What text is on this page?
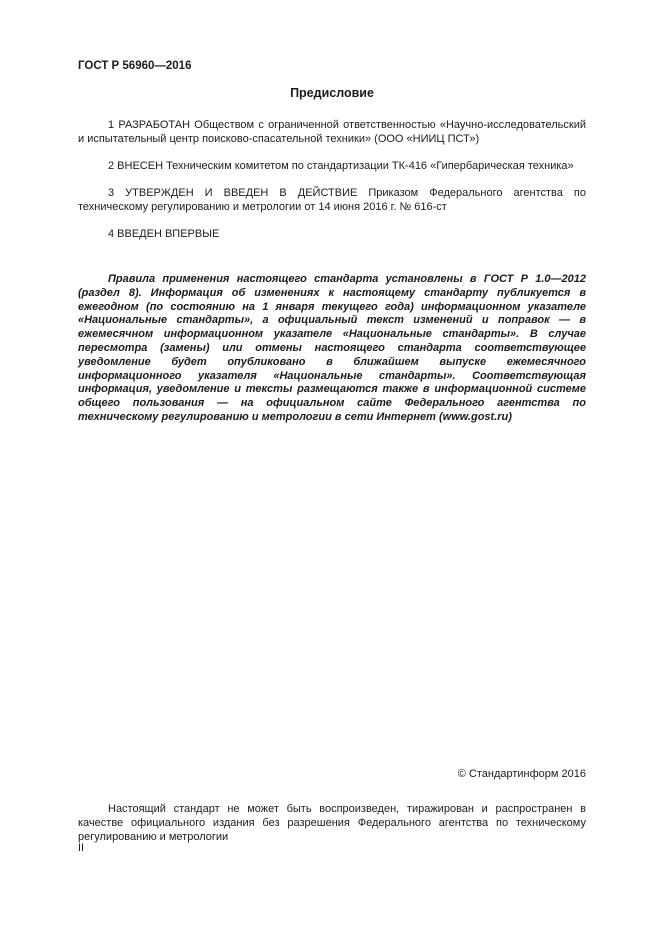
ГОСТ Р 56960—2016
Предисловие

1 РАЗРАБОТАН Обществом с ограниченной ответственностью «Научно-исследовательский и испытательный центр поисково-спасательной техники» (ООО «НИИЦ ПСТ»)

2 ВНЕСЕН Техническим комитетом по стандартизации ТК-416 «Гипербарическая техника»

3 УТВЕРЖДЕН И ВВЕДЕН В ДЕЙСТВИЕ Приказом Федерального агентства по техническому регулированию и метрологии от 14 июня 2016 г. № 616-ст

4 ВВЕДЕН ВПЕРВЫЕ

Правила применения настоящего стандарта установлены в ГОСТ Р 1.0—2012 (раздел 8). Информация об изменениях к настоящему стандарту публикуется в ежегодном (по состоянию на 1 января текущего года) информационном указателе «Национальные стандарты», а официальный текст изменений и поправок — в ежемесячном информационном указателе «Национальные стандарты». В случае пересмотра (замены) или отмены настоящего стандарта соответствующее уведомление будет опубликовано в ближайшем выпуске ежемесячного информационного указателя «Национальные стандарты». Соответствующая информация, уведомление и тексты размещаются также в информационной системе общего пользования — на официальном сайте Федерального агентства по техническому регулированию и метрологии в сети Интернет (www.gost.ru)

© Стандартинформ 2016

Настоящий стандарт не может быть воспроизведен, тиражирован и распространен в качестве официального издания без разрешения Федерального агентства по техническому регулированию и метрологии

II
